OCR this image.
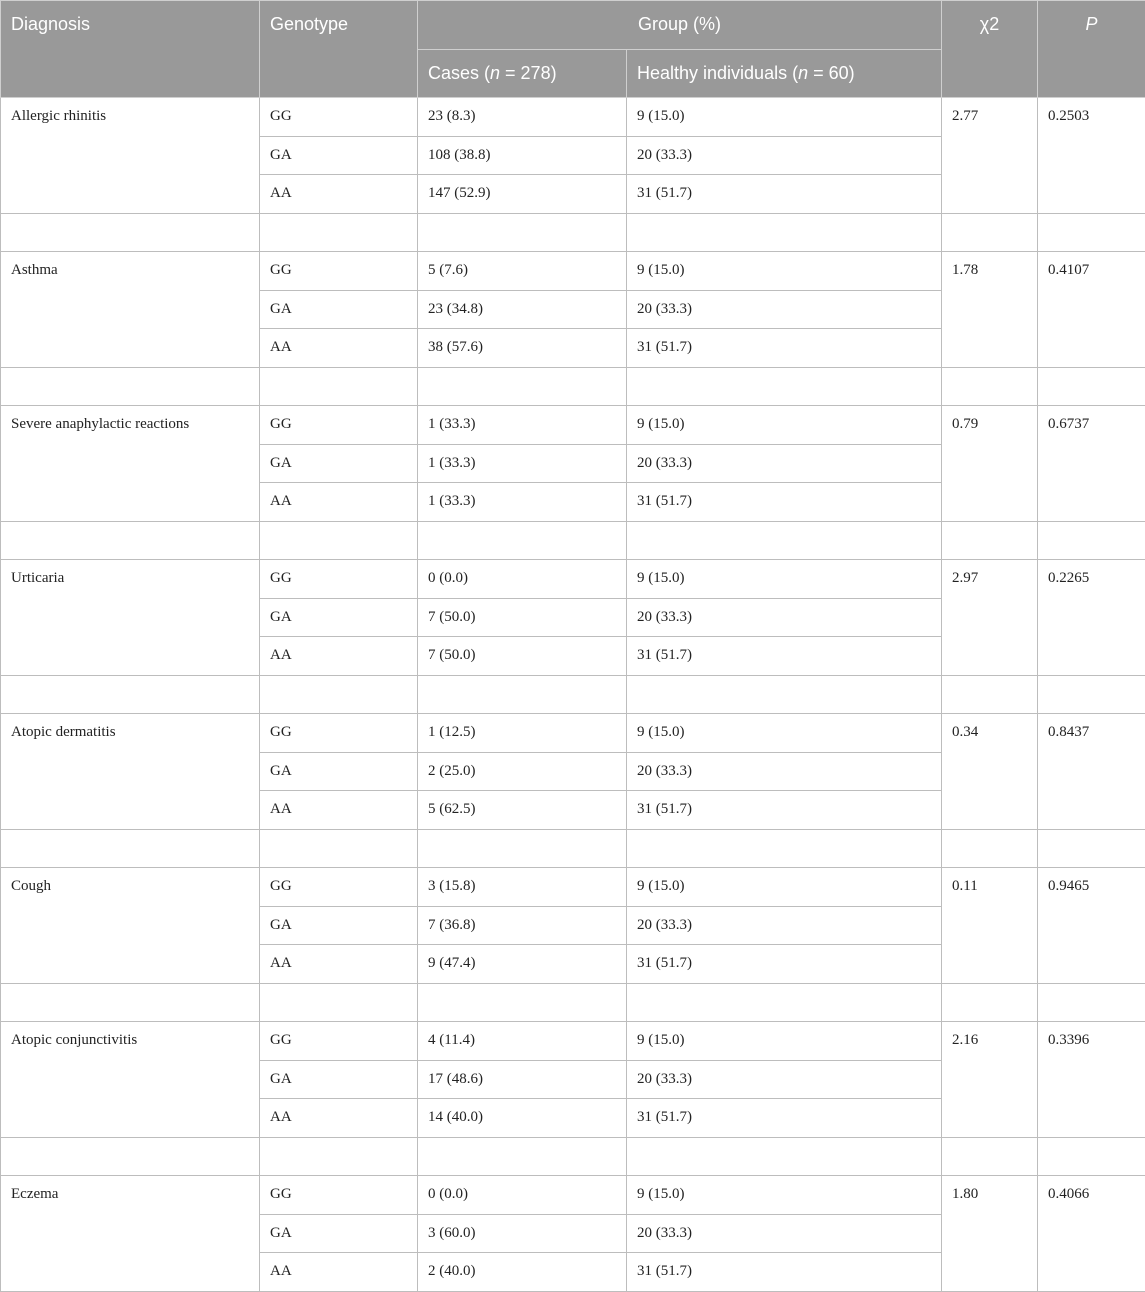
Diagnosis	Genotype	Group (%)		χ2	P
		Cases (n = 278)	Healthy individuals (n = 60)		
Allergic rhinitis	GG	23 (8.3)	9 (15.0)	2.77	0.2503
	GA	108 (38.8)	20 (33.3)		
	AA	147 (52.9)	31 (51.7)		

Asthma	GG	5 (7.6)	9 (15.0)	1.78	0.4107
	GA	23 (34.8)	20 (33.3)		
	AA	38 (57.6)	31 (51.7)		

Severe anaphylactic reactions	GG	1 (33.3)	9 (15.0)	0.79	0.6737
	GA	1 (33.3)	20 (33.3)		
	AA	1 (33.3)	31 (51.7)		

Urticaria	GG	0 (0.0)	9 (15.0)	2.97	0.2265
	GA	7 (50.0)	20 (33.3)		
	AA	7 (50.0)	31 (51.7)		

Atopic dermatitis	GG	1 (12.5)	9 (15.0)	0.34	0.8437
	GA	2 (25.0)	20 (33.3)		
	AA	5 (62.5)	31 (51.7)		

Cough	GG	3 (15.8)	9 (15.0)	0.11	0.9465
	GA	7 (36.8)	20 (33.3)		
	AA	9 (47.4)	31 (51.7)		

Atopic conjunctivitis	GG	4 (11.4)	9 (15.0)	2.16	0.3396
	GA	17 (48.6)	20 (33.3)		
	AA	14 (40.0)	31 (51.7)		

Eczema	GG	0 (0.0)	9 (15.0)	1.80	0.4066
	GA	3 (60.0)	20 (33.3)		
	AA	2 (40.0)	31 (51.7)		
